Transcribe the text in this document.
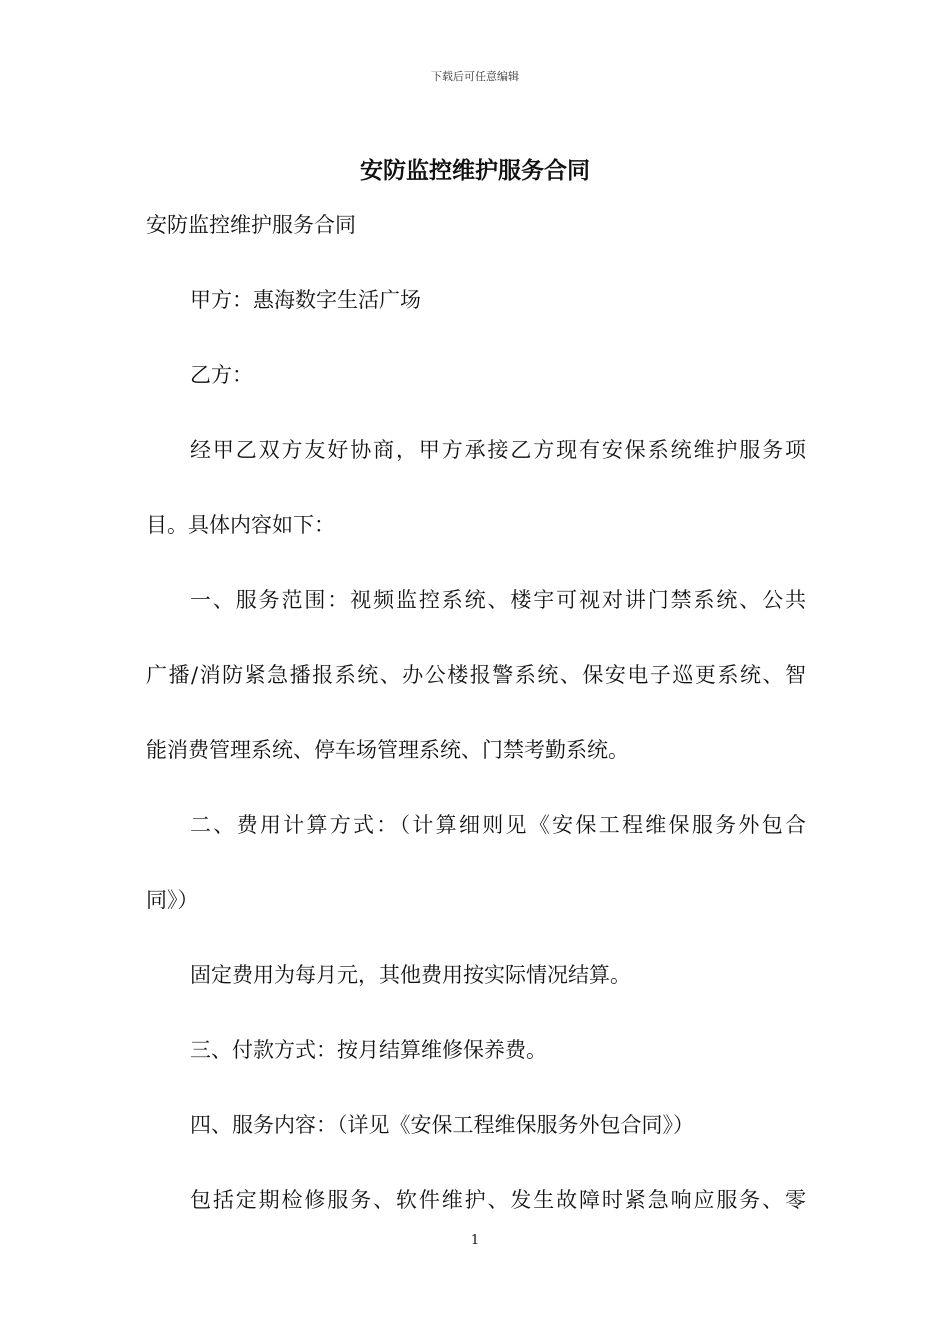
下载后可任意编辑
安防监控维护服务合同
安防监控维护服务合同
甲方：惠海数字生活广场
乙方：
经甲乙双方友好协商，甲方承接乙方现有安保系统维护服务项
目。具体内容如下：
一、服务范围：视频监控系统、楼宇可视对讲门禁系统、公共
广播/消防紧急播报系统、办公楼报警系统、保安电子巡更系统、智
能消费管理系统、停车场管理系统、门禁考勤系统。
二、费用计算方式：（计算细则见《安保工程维保服务外包合
同》）
固定费用为每月元，其他费用按实际情况结算。
三、付款方式：按月结算维修保养费。
四、服务内容：（详见《安保工程维保服务外包合同》）
包括定期检修服务、软件维护、发生故障时紧急响应服务、零
1
